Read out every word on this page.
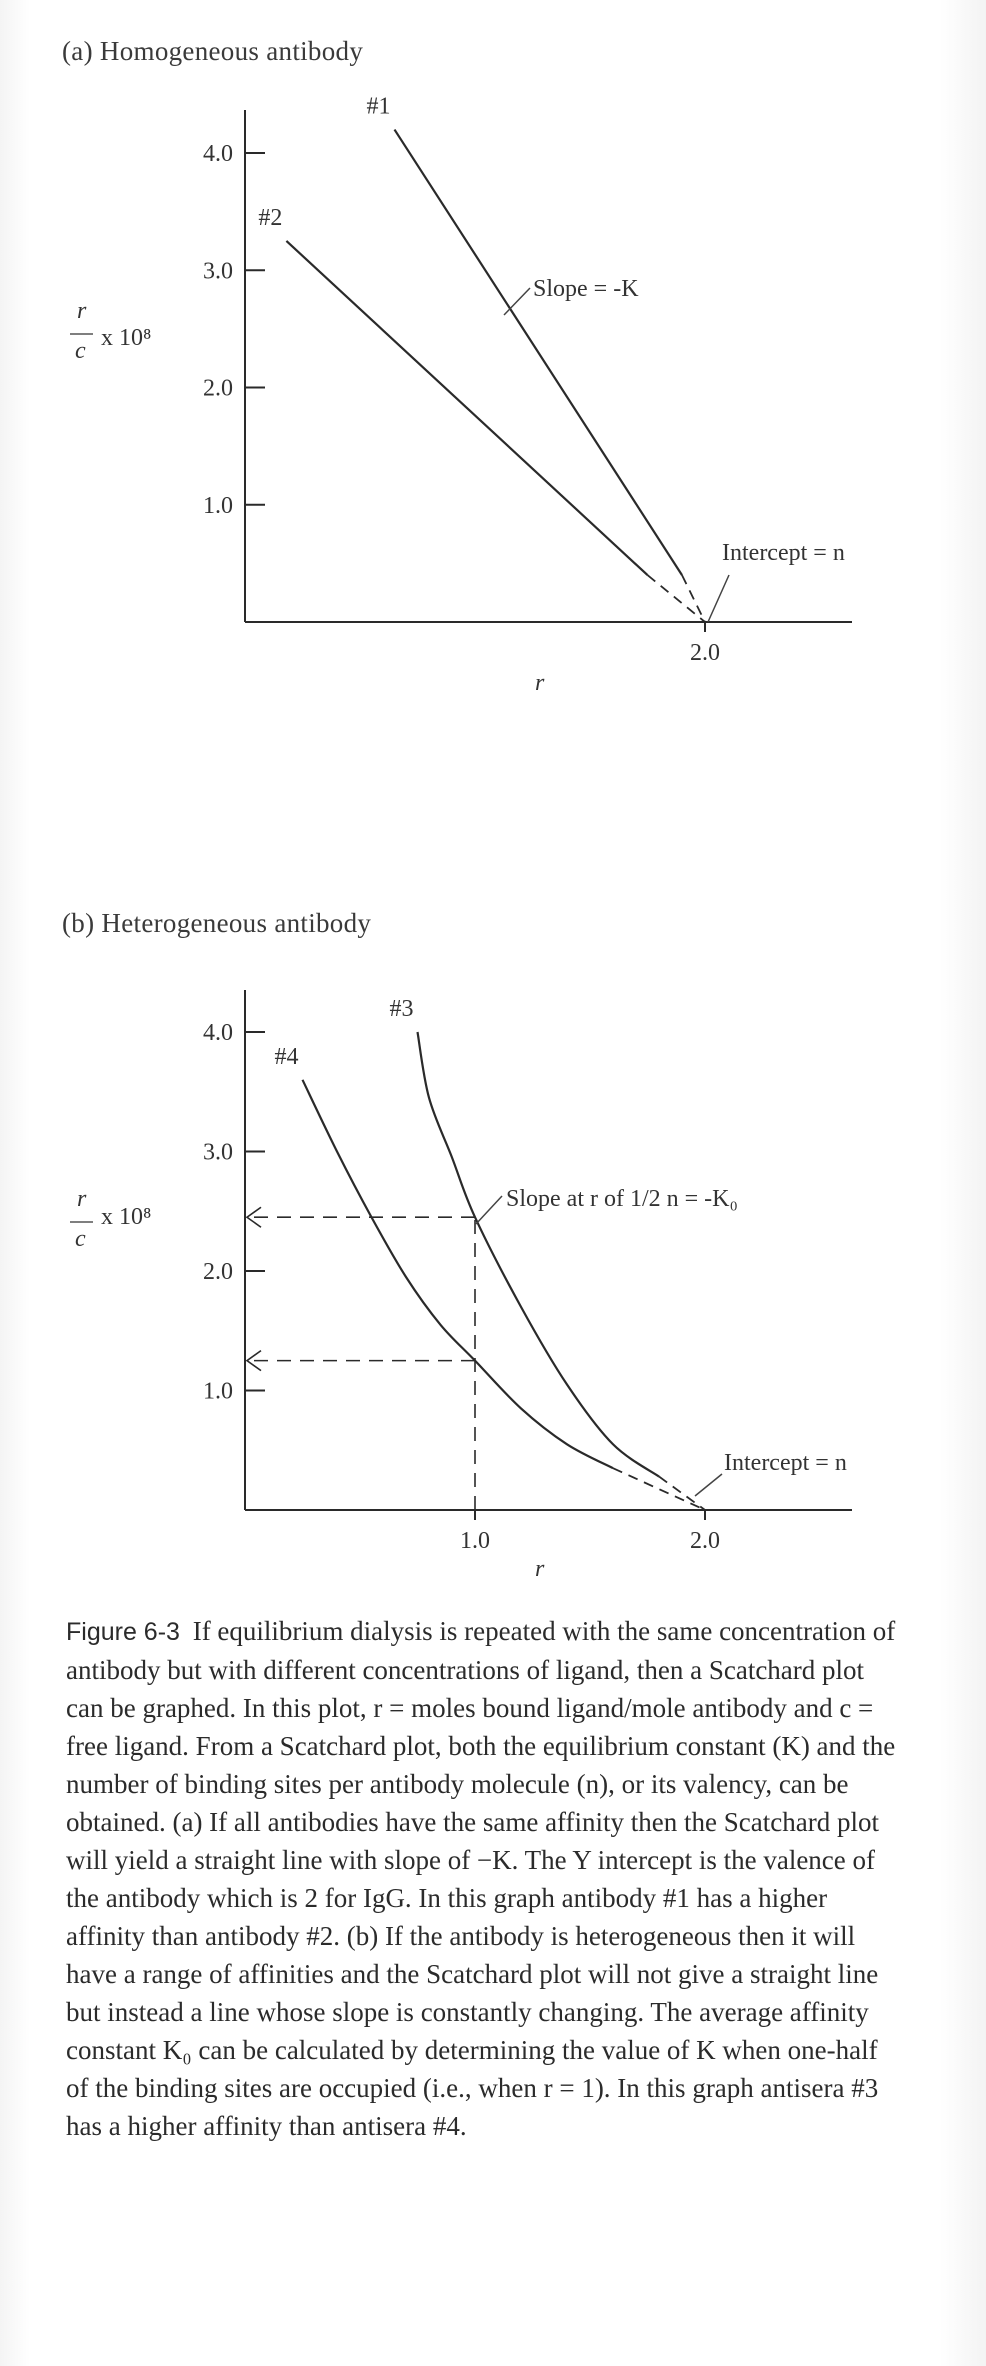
(a) Homogeneous antibody
1.0
2.0
3.0
4.0
2.0
#1
#2
r
c x 10⁸
r
Slope = -K
Intercept = n
(b) Heterogeneous antibody
1.0
2.0
3.0
4.0
1.0	2.0
#3
#4
r
c
x 10⁸
r
Slope at r of 1/2 n = -K₀
Intercept = n
Figure 6-3 If equilibrium dialysis is repeated with the same concentration of antibody but with different concentrations of ligand, then a Scatchard plot can be graphed. In this plot, r = moles bound ligand/mole antibody and c = free ligand. From a Scatchard plot, both the equilibrium constant (K) and the number of binding sites per antibody molecule (n), or its valency, can be obtained. (a) If all antibodies have the same affinity then the Scatchard plot will yield a straight line with slope of −K. The Y intercept is the valence of the antibody which is 2 for IgG. In this graph antibody #1 has a higher affinity than antibody #2. (b) If the antibody is heterogeneous then it will have a range of affinities and the Scatchard plot will not give a straight line but instead a line whose slope is constantly changing. The average affinity constant K₀ can be calculated by determining the value of K when one-half of the binding sites are occupied (i.e., when r = 1). In this graph antisera #3 has a higher affinity than antisera #4.
